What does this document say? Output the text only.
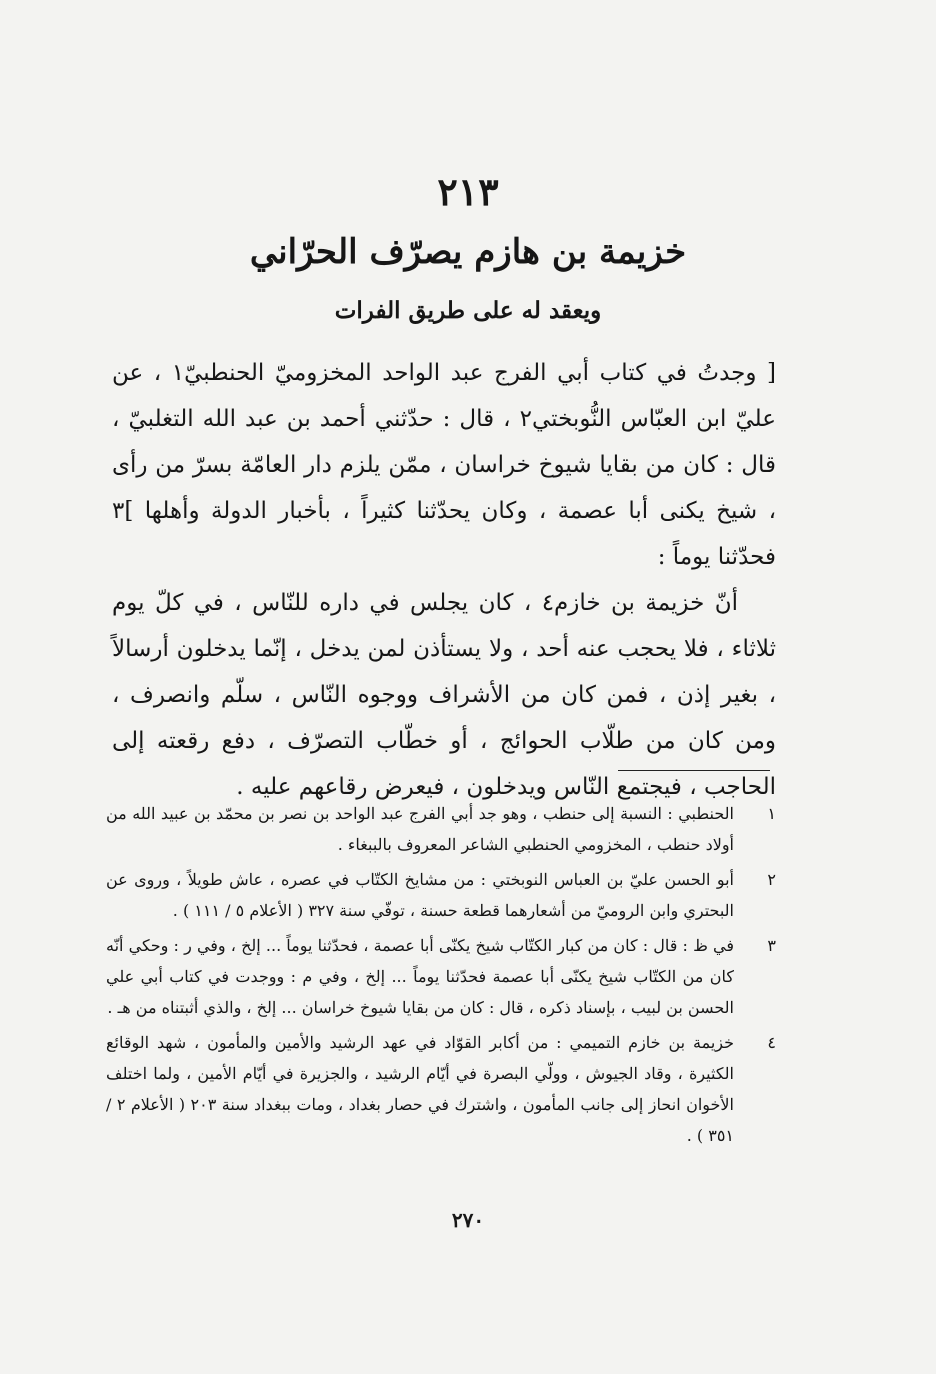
٢١٣
خزيمة بن هازم يصرّف الحرّاني
ويعقد له على طريق الفرات

[ وجدتُ في كتاب أبي الفرج عبد الواحد المخزوميّ الحنطبيّ١ ، عن عليّ ابن العبّاس النُّوبختي٢ ، قال : حدّثني أحمد بن عبد الله التغلبيّ ، قال : كان من بقايا شيوخ خراسان ، ممّن يلزم دار العامّة بسرّ من رأى ، شيخ يكنى أبا عصمة ، وكان يحدّثنا كثيراً ، بأخبار الدولة وأهلها ]٣ فحدّثنا يوماً :

أنّ خزيمة بن خازم٤ ، كان يجلس في داره للنّاس ، في كلّ يوم ثلاثاء ، فلا يحجب عنه أحد ، ولا يستأذن لمن يدخل ، إنّما يدخلون أرسالاً ، بغير إذن ، فمن كان من الأشراف ووجوه النّاس ، سلّم وانصرف ، ومن كان من طلّاب الحوائج ، أو خطّاب التصرّف ، دفع رقعته إلى الحاجب ، فيجتمع النّاس ويدخلون ، فيعرض رقاعهم عليه .

١
الحنطبي : النسبة إلى حنطب ، وهو جد أبي الفرج عبد الواحد بن نصر بن محمّد بن عبيد الله من أولاد حنطب ، المخزومي الحنطبي الشاعر المعروف بالببغاء .
٢
أبو الحسن عليّ بن العباس النوبختي : من مشايخ الكتّاب في عصره ، عاش طويلاً ، وروى عن البحتري وابن الروميّ من أشعارهما قطعة حسنة ، توفّي سنة ٣٢٧ ( الأعلام ٥ / ١١١ ) .
٣
في ظ : قال : كان من كبار الكتّاب شيخ يكنّى أبا عصمة ، فحدّثنا يوماً ... إلخ ، وفي ر : وحكي أنّه كان من الكتّاب شيخ يكنّى أبا عصمة فحدّثنا يوماً ... إلخ ، وفي م : ووجدت في كتاب أبي علي الحسن بن لبيب ، بإسناد ذكره ، قال : كان من بقايا شيوخ خراسان ... إلخ ، والذي أثبتناه من هـ .
٤
خزيمة بن خازم التميمي : من أكابر القوّاد في عهد الرشيد والأمين والمأمون ، شهد الوقائع الكثيرة ، وقاد الجيوش ، وولّي البصرة في أيّام الرشيد ، والجزيرة في أيّام الأمين ، ولما اختلف الأخوان انحاز إلى جانب المأمون ، واشترك في حصار بغداد ، ومات ببغداد سنة ٢٠٣ ( الأعلام ٢ / ٣٥١ ) .
٢٧٠
